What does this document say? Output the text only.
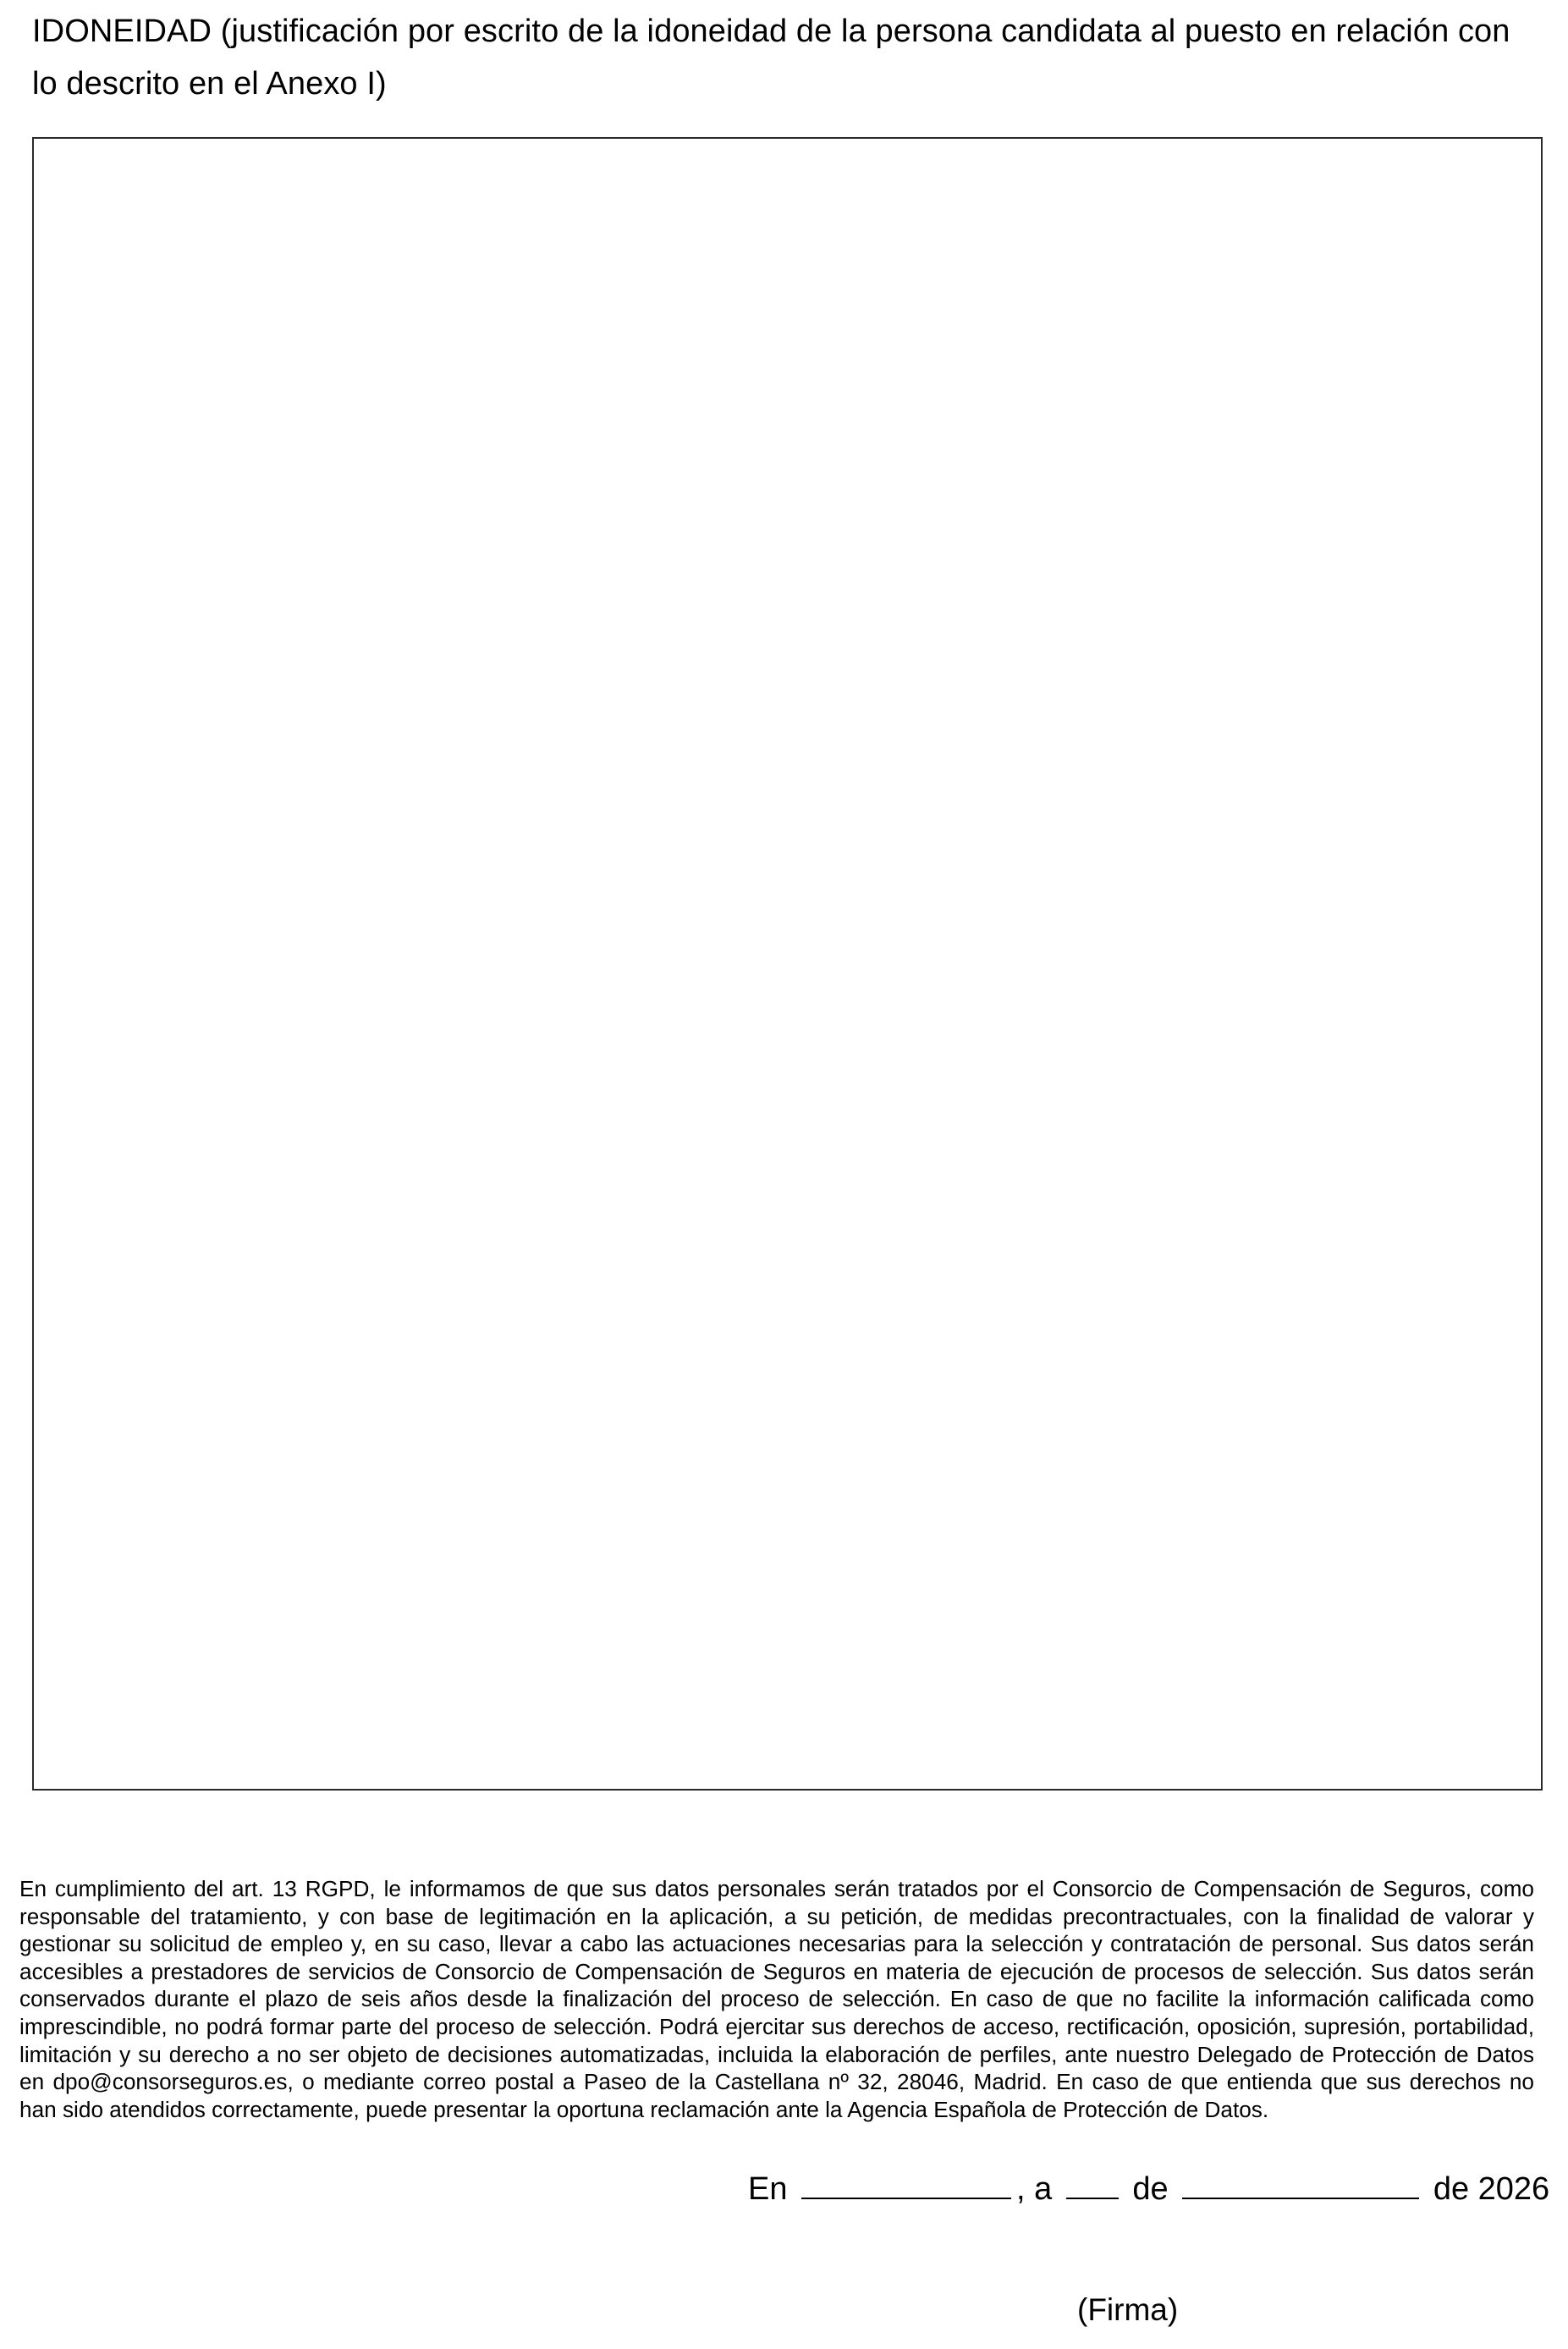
IDONEIDAD (justificación por escrito de la idoneidad de la persona candidata al puesto en relación con
lo descrito en el Anexo I)
En cumplimiento del art. 13 RGPD, le informamos de que sus datos personales serán tratados por el Consorcio de Compensación de Seguros, como
responsable del tratamiento, y con base de legitimación en la aplicación, a su petición, de medidas precontractuales, con la finalidad de valorar y
gestionar su solicitud de empleo y, en su caso, llevar a cabo las actuaciones necesarias para la selección y contratación de personal. Sus datos serán
accesibles a prestadores de servicios de Consorcio de Compensación de Seguros en materia de ejecución de procesos de selección. Sus datos serán
conservados durante el plazo de seis años desde la finalización del proceso de selección. En caso de que no facilite la información calificada como
imprescindible, no podrá formar parte del proceso de selección. Podrá ejercitar sus derechos de acceso, rectificación, oposición, supresión, portabilidad,
limitación y su derecho a no ser objeto de decisiones automatizadas, incluida la elaboración de perfiles, ante nuestro Delegado de Protección de Datos
en dpo@consorseguros.es, o mediante correo postal a Paseo de la Castellana nº 32, 28046, Madrid. En caso de que entienda que sus derechos no
han sido atendidos correctamente, puede presentar la oportuna reclamación ante la Agencia Española de Protección de Datos.
En	, a	de	de 2026
(Firma)
